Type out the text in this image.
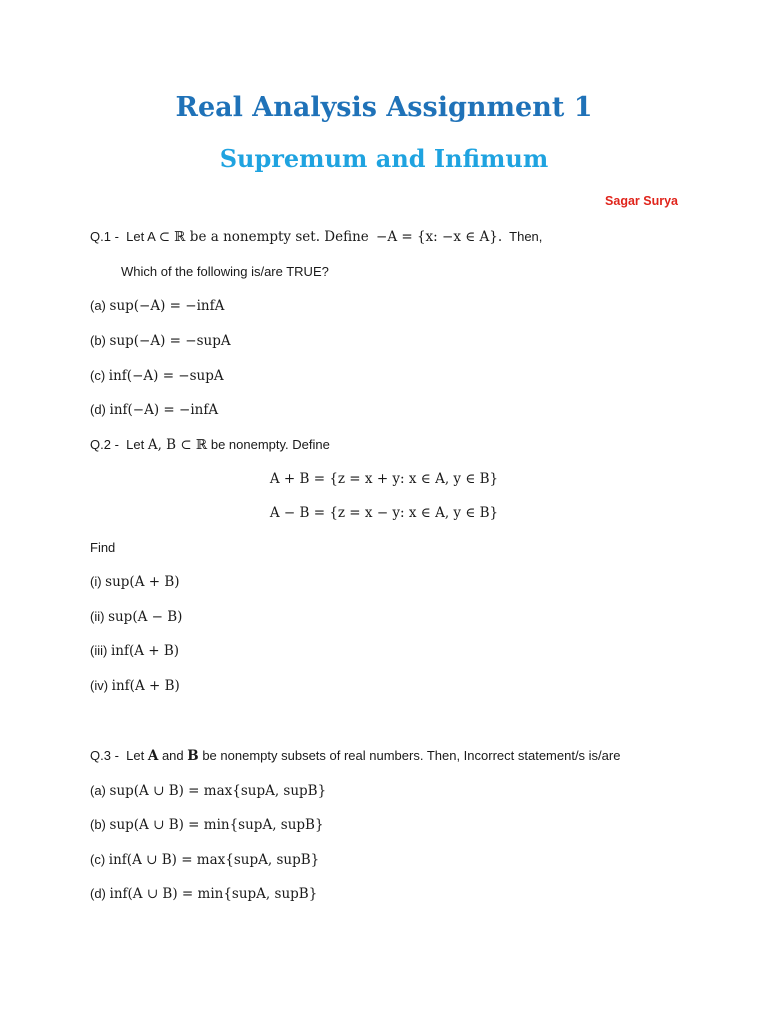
Real Analysis Assignment 1
Supremum and Infimum
Sagar Surya
Q.1 - Let A ⊂ ℝ be a nonempty set. Define −A = {x: −x ∈ A}. Then,
Which of the following is/are TRUE?
(a) sup(−A) = −infA
(b) sup(−A) = −supA
(c) inf(−A) = −supA
(d) inf(−A) = −infA
Q.2 - Let A, B ⊂ ℝ be nonempty. Define
A + B = {z = x + y: x ∈ A, y ∈ B}
A − B = {z = x − y: x ∈ A, y ∈ B}
Find
(i) sup(A + B)
(ii) sup(A − B)
(iii) inf(A + B)
(iv) inf(A + B)
Q.3 - Let A and B be nonempty subsets of real numbers. Then, Incorrect statement/s is/are
(a) sup(A ∪ B) = max{supA, supB}
(b) sup(A ∪ B) = min{supA, supB}
(c) inf(A ∪ B) = max{supA, supB}
(d) inf(A ∪ B) = min{supA, supB}
